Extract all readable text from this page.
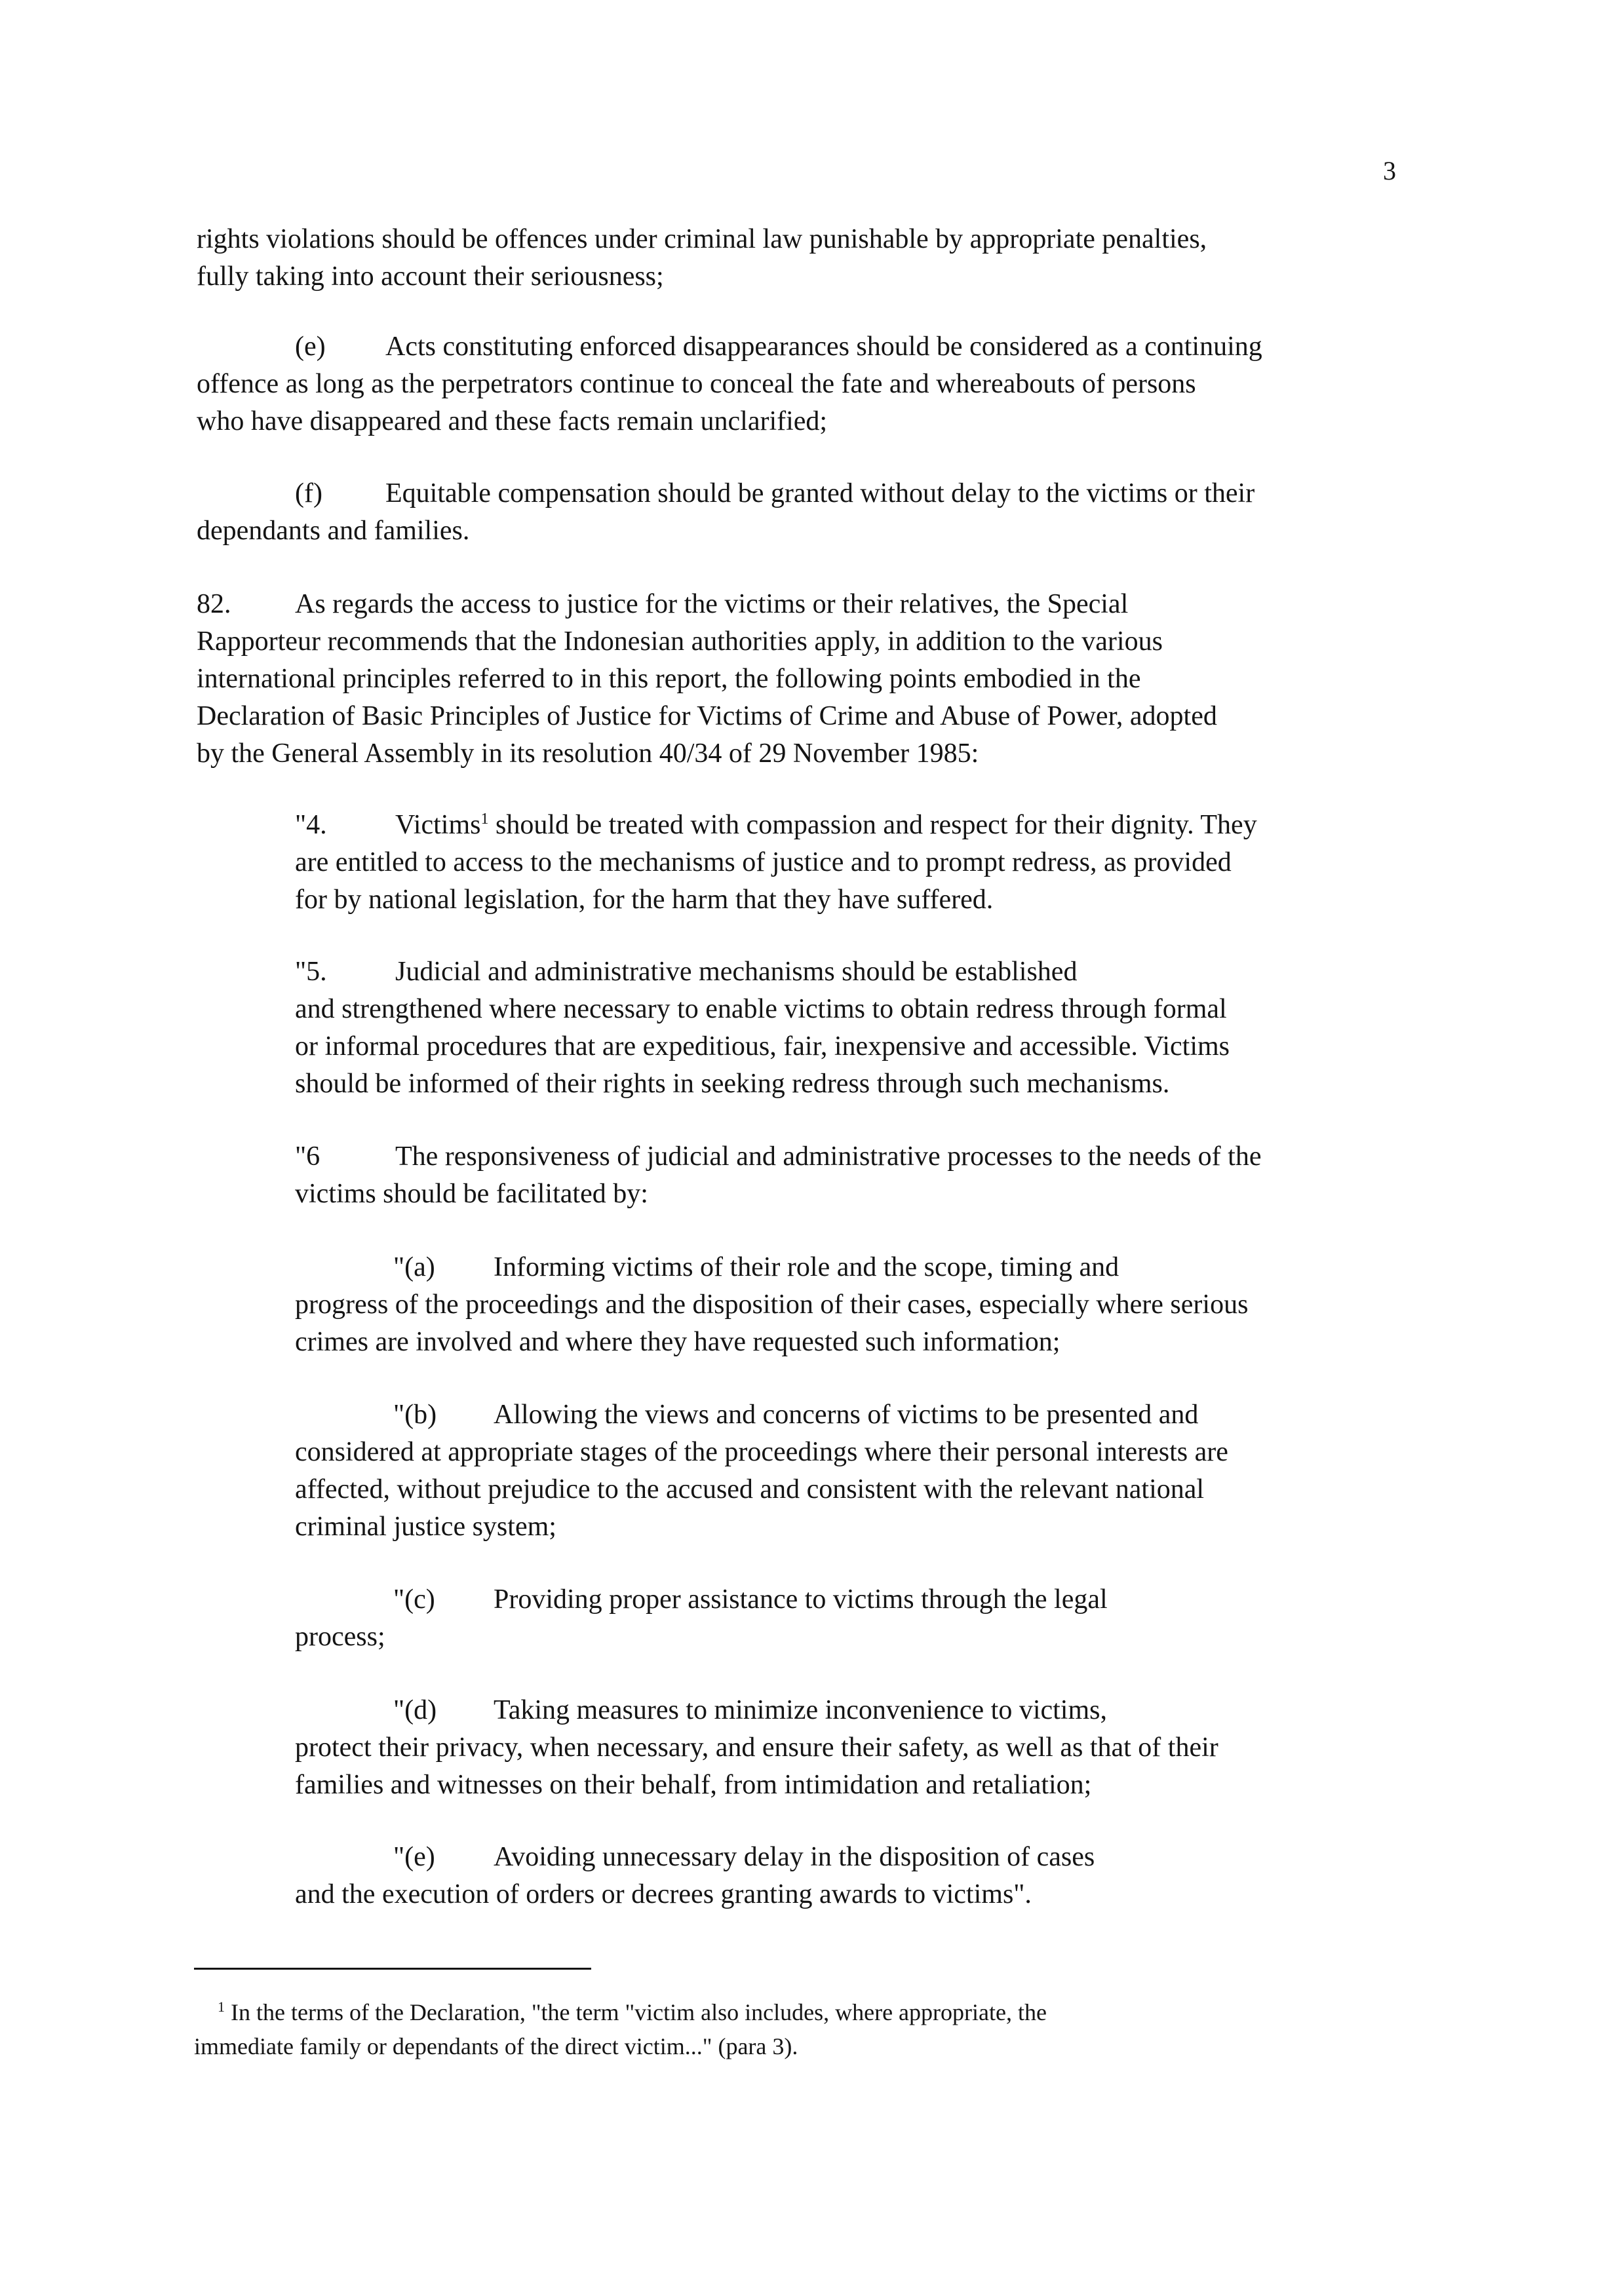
3

rights violations should be offences under criminal law punishable by appropriate penalties,
fully taking into account their seriousness;

(e) Acts constituting enforced disappearances should be considered as a continuing
offence as long as the perpetrators continue to conceal the fate and whereabouts of persons
who have disappeared and these facts remain unclarified;

(f) Equitable compensation should be granted without delay to the victims or their
dependants and families.

82. As regards the access to justice for the victims or their relatives, the Special
Rapporteur recommends that the Indonesian authorities apply, in addition to the various
international principles referred to in this report, the following points embodied in the
Declaration of Basic Principles of Justice for Victims of Crime and Abuse of Power, adopted
by the General Assembly in its resolution 40/34 of 29 November 1985:

"4. Victims$^1$ should be treated with compassion and respect for their dignity. They
are entitled to access to the mechanisms of justice and to prompt redress, as provided
for by national legislation, for the harm that they have suffered.

"5. Judicial and administrative mechanisms should be established
and strengthened where necessary to enable victims to obtain redress through formal
or informal procedures that are expeditious, fair, inexpensive and accessible. Victims
should be informed of their rights in seeking redress through such mechanisms.

"6	The responsiveness of judicial and administrative processes to the needs of the
victims should be facilitated by:

"(a) Informing victims of their role and the scope, timing and
progress of the proceedings and the disposition of their cases, especially where serious
crimes are involved and where they have requested such information;

"(b) Allowing the views and concerns of victims to be presented and
considered at appropriate stages of the proceedings where their personal interests are
affected, without prejudice to the accused and consistent with the relevant national
criminal justice system;

"(c) Providing proper assistance to victims through the legal
process;

"(d) Taking measures to minimize inconvenience to victims,
protect their privacy, when necessary, and ensure their safety, as well as that of their
families and witnesses on their behalf, from intimidation and retaliation;

"(e) Avoiding unnecessary delay in the disposition of cases
and the execution of orders or decrees granting awards to victims".

$^1$ In the terms of the Declaration, "the term "victim also includes, where appropriate, the
immediate family or dependants of the direct victim..." (para 3).
